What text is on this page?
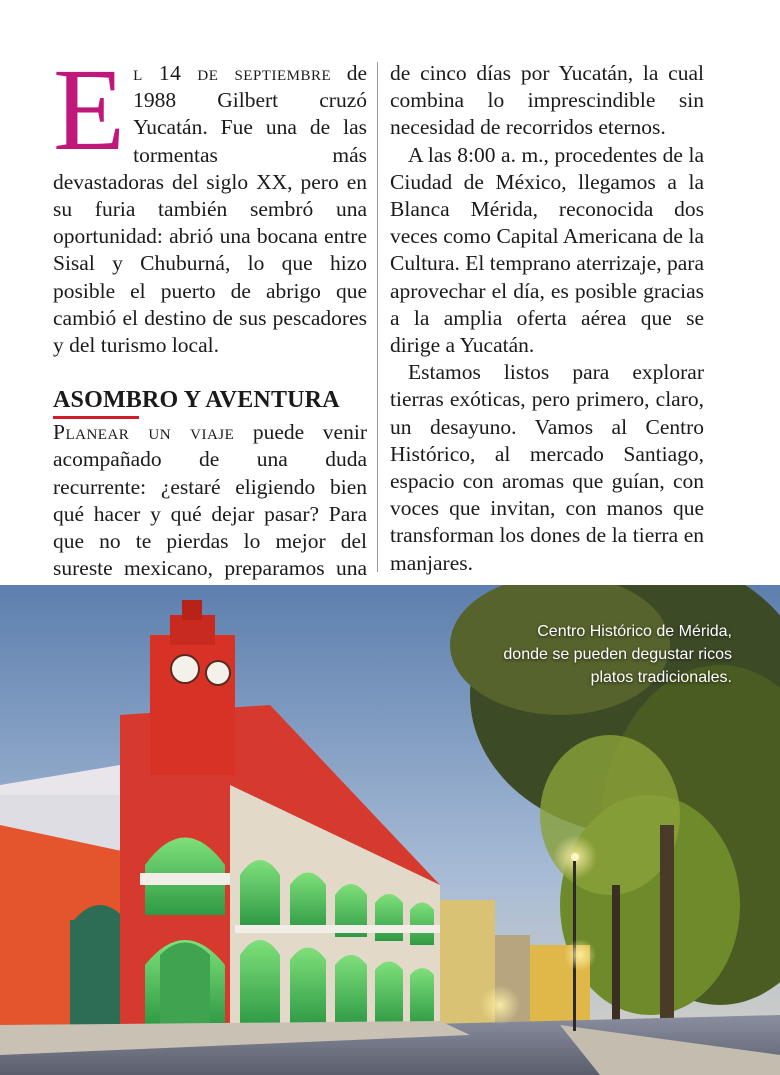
El 14 de septiembre de 1988 Gilbert cruzó Yucatán. Fue una de las tormentas más devastadoras del siglo XX, pero en su furia también sembró una oportunidad: abrió una bocana entre Sisal y Chuburná, lo que hizo posible el puerto de abrigo que cambió el destino de sus pescadores y del turismo local.

ASOMBRO Y AVENTURA

Planear un viaje puede venir acompañado de una duda recurrente: ¿estaré eligiendo bien qué hacer y qué dejar pasar? Para que no te pierdas lo mejor del sureste mexicano, preparamos una

de cinco días por Yucatán, la cual combina lo imprescindible sin necesidad de recorridos eternos.

A las 8:00 a. m., procedentes de la Ciudad de México, llegamos a la Blanca Mérida, reconocida dos veces como Capital Americana de la Cultura. El temprano aterrizaje, para aprovechar el día, es posible gracias a la amplia oferta aérea que se dirige a Yucatán.

Estamos listos para explorar tierras exóticas, pero primero, claro, un desayuno. Vamos al Centro Histórico, al mercado Santiago, espacio con aromas que guían, con voces que invitan, con manos que transforman los dones de la tierra en manjares.

Centro Histórico de Mérida,
donde se pueden degustar ricos
platos tradicionales.
